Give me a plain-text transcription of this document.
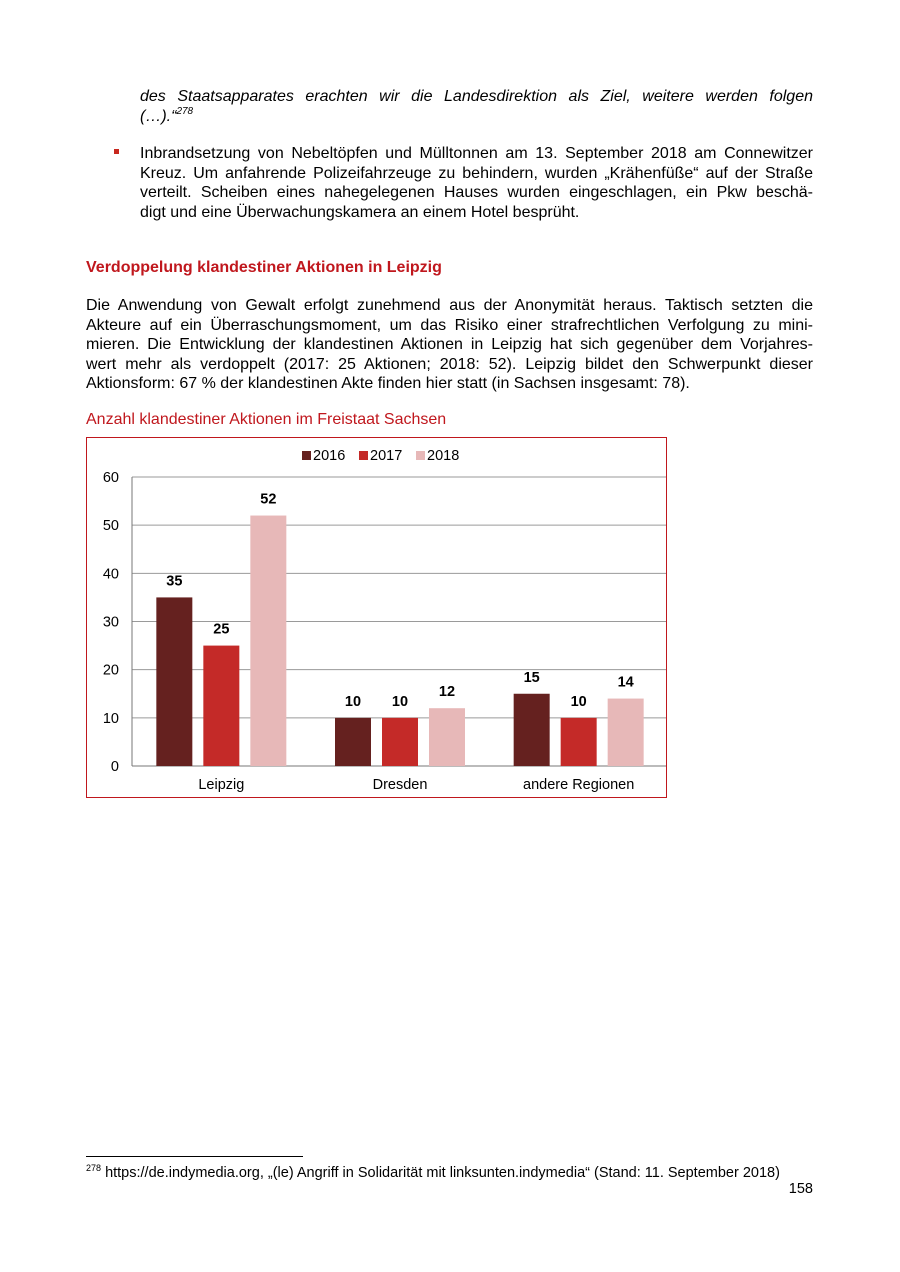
des Staatsapparates erachten wir die Landesdirektion als Ziel, weitere werden folgen
(…).“$^{278}$
Inbrandsetzung von Nebeltöpfen und Mülltonnen am 13. September 2018 am Connewitzer
Kreuz. Um anfahrende Polizeifahrzeuge zu behindern, wurden „Krähenfüße“ auf der Straße
verteilt. Scheiben eines nahegelegenen Hauses wurden eingeschlagen, ein Pkw beschä-
digt und eine Überwachungskamera an einem Hotel besprüht.
Verdoppelung klandestiner Aktionen in Leipzig
Die Anwendung von Gewalt erfolgt zunehmend aus der Anonymität heraus. Taktisch setzten die
Akteure auf ein Überraschungsmoment, um das Risiko einer strafrechtlichen Verfolgung zu mini-
mieren. Die Entwicklung der klandestinen Aktionen in Leipzig hat sich gegenüber dem Vorjahres-
wert mehr als verdoppelt (2017: 25 Aktionen; 2018: 52). Leipzig bildet den Schwerpunkt dieser
Aktionsform: 67 % der klandestinen Akte finden hier statt (in Sachsen insgesamt: 78).
Anzahl klandestiner Aktionen im Freistaat Sachsen
0
10
20
30
40
50
60
35
25
52
Leipzig
10 10
12
Dresden
15
10
14
andere Regionen
2016 2017 2018
$^{278}$ https://de.indymedia.org, „(le) Angriff in Solidarität mit linksunten.indymedia“ (Stand: 11. September 2018)
158
